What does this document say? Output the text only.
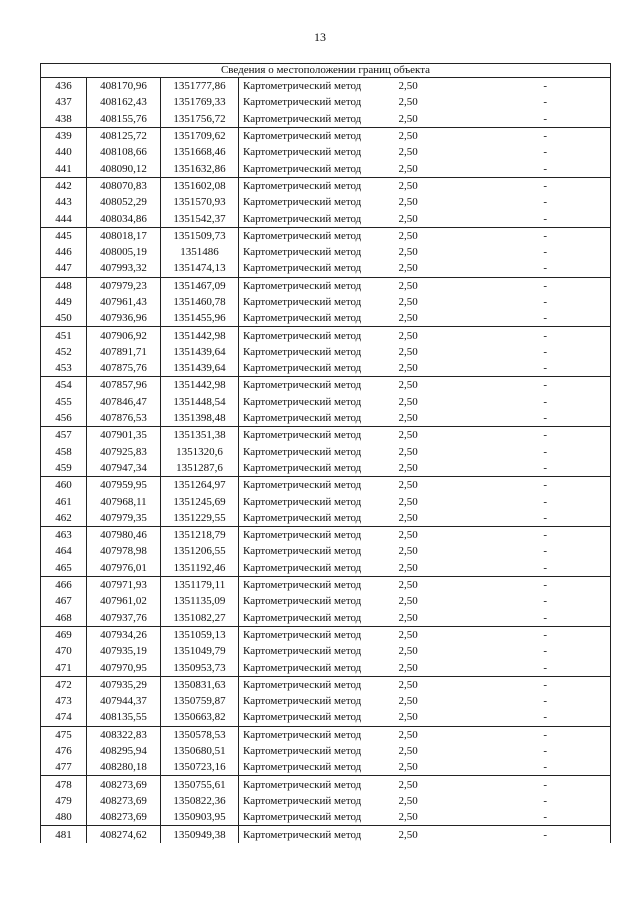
13
Сведения о местоположении границ объекта					
436	408170,96	1351777,86	Картометрический метод	2,50	-
437	408162,43	1351769,33	Картометрический метод	2,50	-
438	408155,76	1351756,72	Картометрический метод	2,50	-
439	408125,72	1351709,62	Картометрический метод	2,50	-
440	408108,66	1351668,46	Картометрический метод	2,50	-
441	408090,12	1351632,86	Картометрический метод	2,50	-
442	408070,83	1351602,08	Картометрический метод	2,50	-
443	408052,29	1351570,93	Картометрический метод	2,50	-
444	408034,86	1351542,37	Картометрический метод	2,50	-
445	408018,17	1351509,73	Картометрический метод	2,50	-
446	408005,19	1351486	Картометрический метод	2,50	-
447	407993,32	1351474,13	Картометрический метод	2,50	-
448	407979,23	1351467,09	Картометрический метод	2,50	-
449	407961,43	1351460,78	Картометрический метод	2,50	-
450	407936,96	1351455,96	Картометрический метод	2,50	-
451	407906,92	1351442,98	Картометрический метод	2,50	-
452	407891,71	1351439,64	Картометрический метод	2,50	-
453	407875,76	1351439,64	Картометрический метод	2,50	-
454	407857,96	1351442,98	Картометрический метод	2,50	-
455	407846,47	1351448,54	Картометрический метод	2,50	-
456	407876,53	1351398,48	Картометрический метод	2,50	-
457	407901,35	1351351,38	Картометрический метод	2,50	-
458	407925,83	1351320,6	Картометрический метод	2,50	-
459	407947,34	1351287,6	Картометрический метод	2,50	-
460	407959,95	1351264,97	Картометрический метод	2,50	-
461	407968,11	1351245,69	Картометрический метод	2,50	-
462	407979,35	1351229,55	Картометрический метод	2,50	-
463	407980,46	1351218,79	Картометрический метод	2,50	-
464	407978,98	1351206,55	Картометрический метод	2,50	-
465	407976,01	1351192,46	Картометрический метод	2,50	-
466	407971,93	1351179,11	Картометрический метод	2,50	-
467	407961,02	1351135,09	Картометрический метод	2,50	-
468	407937,76	1351082,27	Картометрический метод	2,50	-
469	407934,26	1351059,13	Картометрический метод	2,50	-
470	407935,19	1351049,79	Картометрический метод	2,50	-
471	407970,95	1350953,73	Картометрический метод	2,50	-
472	407935,29	1350831,63	Картометрический метод	2,50	-
473	407944,37	1350759,87	Картометрический метод	2,50	-
474	408135,55	1350663,82	Картометрический метод	2,50	-
475	408322,83	1350578,53	Картометрический метод	2,50	-
476	408295,94	1350680,51	Картометрический метод	2,50	-
477	408280,18	1350723,16	Картометрический метод	2,50	-
478	408273,69	1350755,61	Картометрический метод	2,50	-
479	408273,69	1350822,36	Картометрический метод	2,50	-
480	408273,69	1350903,95	Картометрический метод	2,50	-
481	408274,62	1350949,38	Картометрический метод	2,50	-
